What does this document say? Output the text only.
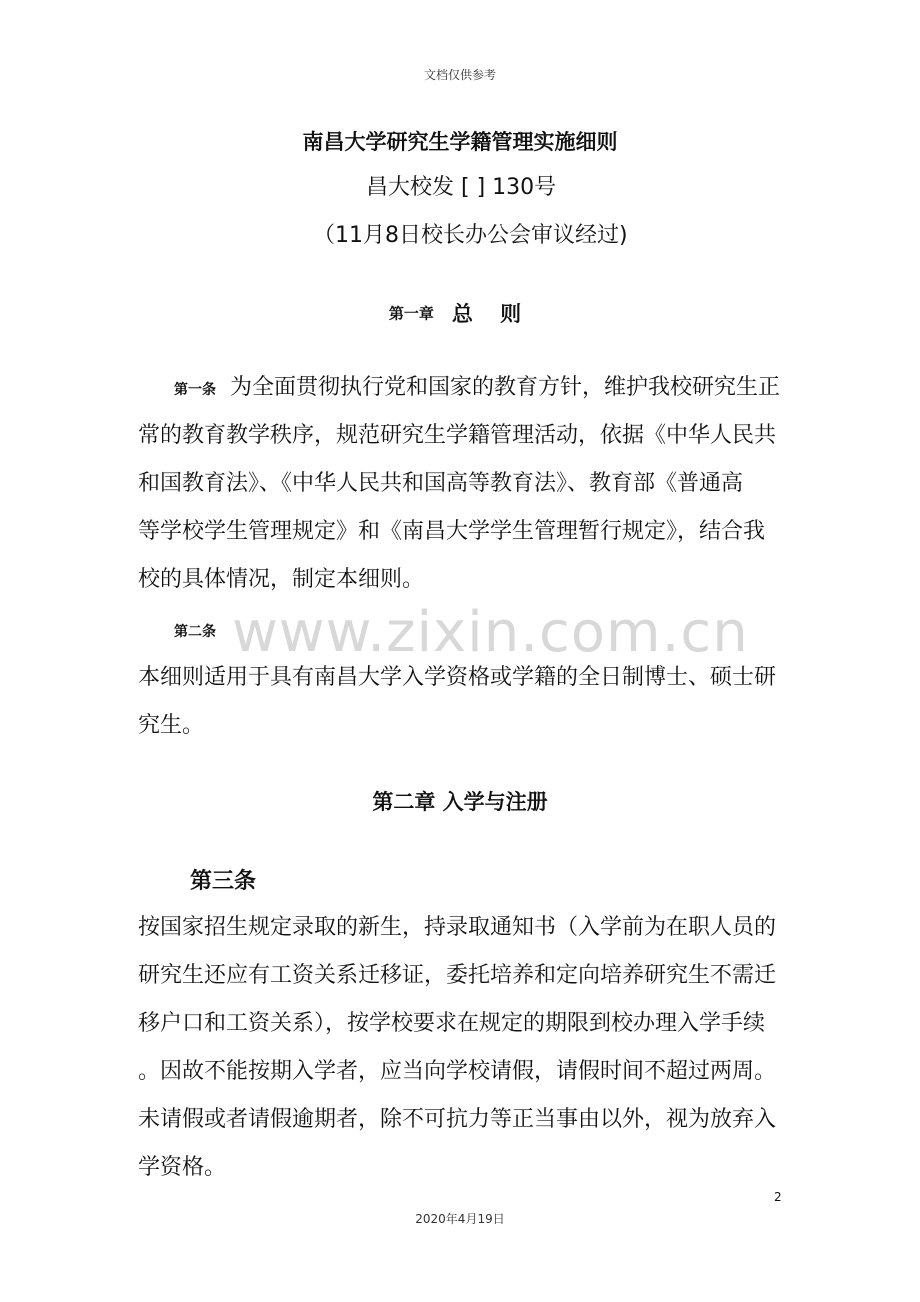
文档仅供参考
南昌大学研究生学籍管理实施细则
昌大校发 [ ] 130号
（11月8日校长办公会审议经过)
第一章 总 则
第一条 为全面贯彻执行党和国家的教育方针，维护我校研究生正
常的教育教学秩序，规范研究生学籍管理活动，依据《中华人民共
和国教育法》、《中华人民共和国高等教育法》、教育部《普通高
等学校学生管理规定》和《南昌大学学生管理暂行规定》，结合我
校的具体情况，制定本细则。
www.zixin.com.cn
第二条
本细则适用于具有南昌大学入学资格或学籍的全日制博士、硕士研
究生。
第二章 入学与注册
第三条
按国家招生规定录取的新生，持录取通知书（入学前为在职人员的
研究生还应有工资关系迁移证，委托培养和定向培养研究生不需迁
移户口和工资关系），按学校要求在规定的期限到校办理入学手续
。因故不能按期入学者，应当向学校请假，请假时间不超过两周。
未请假或者请假逾期者，除不可抗力等正当事由以外，视为放弃入
学资格。
2
2020年4月19日
